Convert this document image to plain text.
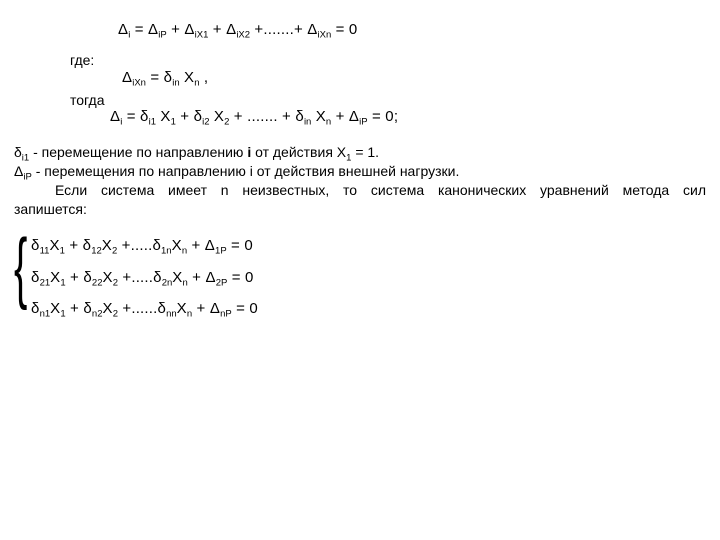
$\Delta_i = \Delta_{iP} + \Delta_{iX1} + \Delta_{iX2}$ +.......+ $\Delta_{iXn} = 0$
где:
$\Delta_{iXn} = \delta_{in}$ $X_n$ ,
тогда
$\Delta_i = \delta_{i1}$ $X_1 + \delta_{i2}$ $X_2$ + ....... + $\delta_{in}$ $X_n + \Delta_{iP} = 0$;
$\delta_{i1}$ - перемещение по направлению i от действия $X_1 = 1$.
$\Delta_{iP}$ - перемещения по направлению i от действия внешней нагрузки.
Если система имеет n неизвестных, то система канонических уравнений метода сил
запишется:
{ $\delta_{11}X_1 + \delta_{12}X_2 +.....\delta_{1n}X_n + \Delta_{1P} = 0$
$\delta_{21}X_1 + \delta_{22}X_2 +.....\delta_{2n}X_n + \Delta_{2P} = 0$
$\delta_{n1}X_1 + \delta_{n2}X_2 +......\delta_{nn}X_n + \Delta_{nP} = 0$
